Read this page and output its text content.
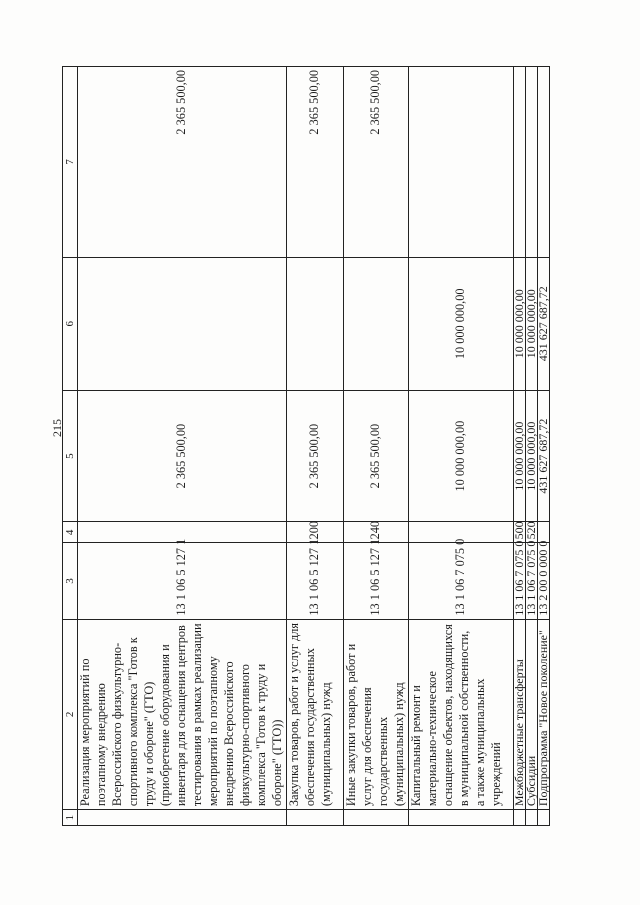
215
1	2	3	4	5	6	7
	Реализация мероприятий по поэтапному внедрению Всероссийского физкультурно-спортивного комплекса "Готов к труду и обороне" (ГТО) (приобретение оборудования и инвентаря для оснащения центров тестирования в рамках реализации мероприятий по поэтапному внедрению Всероссийского физкультурно-спортивного комплекса "Готов к труду и обороне" (ГТО))	13 1 06 5 127 1		2 365 500,00		2 365 500,00
	Закупка товаров, работ и услуг для обеспечения государственных (муниципальных) нужд	13 1 06 5 127 1	200	2 365 500,00		2 365 500,00
	Иные закупки товаров, работ и услуг для обеспечения государственных (муниципальных) нужд	13 1 06 5 127 1	240	2 365 500,00		2 365 500,00
	Капитальный ремонт и материально-техническое оснащение объектов, находящихся в муниципальной собственности, а также муниципальных учреждений	13 1 06 7 075 0		10 000 000,00	10 000 000,00	
	Межбюджетные трансферты	13 1 06 7 075 0	500	10 000 000,00	10 000 000,00	
	Субсидии	13 1 06 7 075 0	520	10 000 000,00	10 000 000,00	
	Подпрограмма "Новое поколение"	13 2 00 0 000 0		431 627 687,72	431 627 687,72	
